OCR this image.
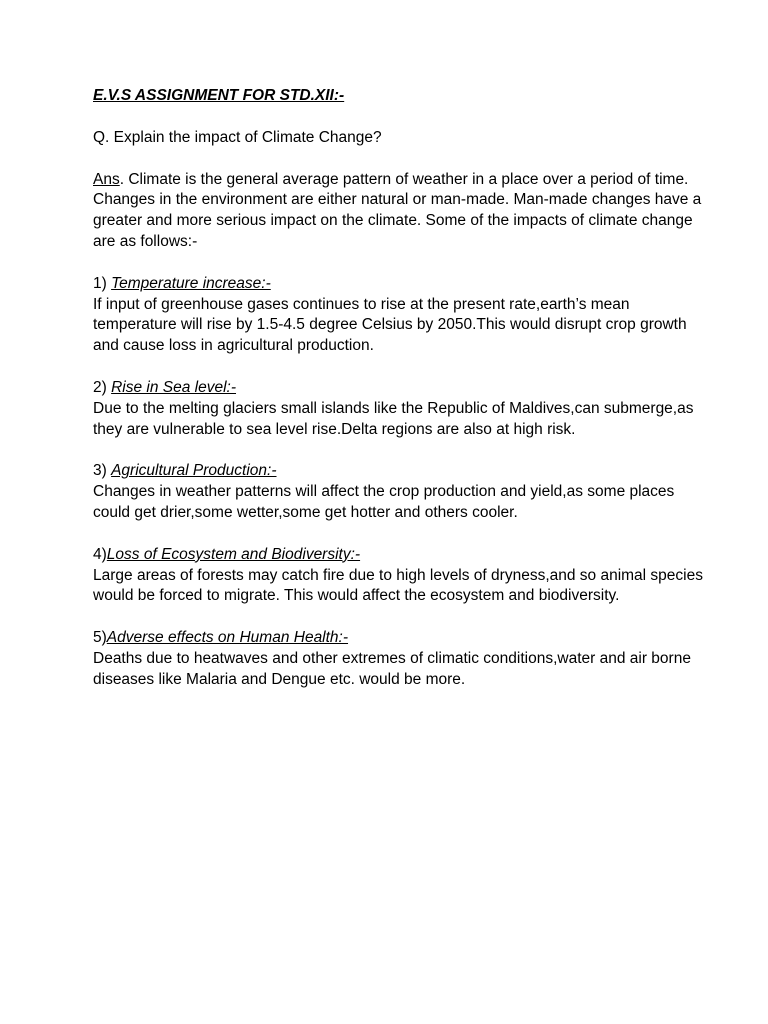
E.V.S ASSIGNMENT FOR STD.XII:-

Q. Explain the impact of Climate Change?

Ans. Climate is the general average pattern of weather in a place over a period of time. Changes in the environment are either natural or man-made. Man-made changes have a greater and more serious impact on the climate. Some of the impacts of climate change are as follows:-

1) Temperature increase:-

If input of greenhouse gases continues to rise at the present rate,earth’s mean temperature will rise by 1.5-4.5 degree Celsius by 2050.This would disrupt crop growth and cause loss in agricultural production.

2) Rise in Sea level:-

Due to the melting glaciers small islands like the Republic of Maldives,can submerge,as they are vulnerable to sea level rise.Delta regions are also at high risk.

3) Agricultural Production:-

Changes in weather patterns will affect the crop production and yield,as some places could get drier,some wetter,some get hotter and others cooler.

4)Loss of Ecosystem and Biodiversity:-

Large areas of forests may catch fire due to high levels of dryness,and so animal species would be forced to migrate. This would affect the ecosystem and biodiversity.

5)Adverse effects on Human Health:-

Deaths due to heatwaves and other extremes of climatic conditions,water and air borne diseases like Malaria and Dengue etc. would be more.
